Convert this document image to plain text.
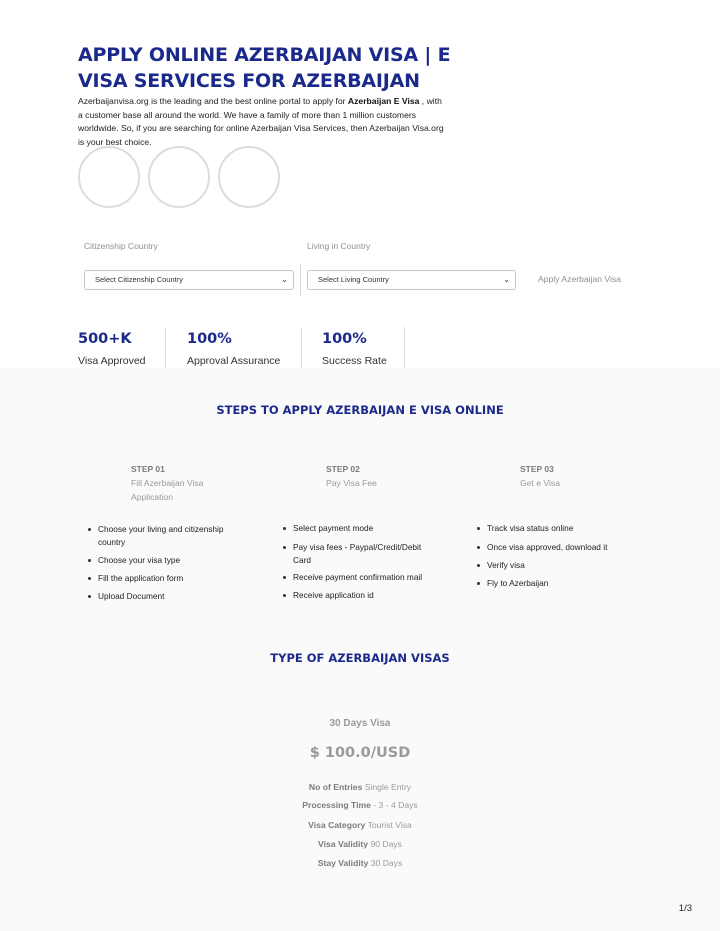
APPLY ONLINE AZERBAIJAN VISA | E
VISA SERVICES FOR AZERBAIJAN
Azerbaijanvisa.org is the leading and the best online portal to apply for Azerbaijan E Visa , with a customer base all around the world. We have a family of more than 1 million customers worldwide. So, if you are searching for online Azerbaijan Visa Services, then Azerbaijan Visa.org is your best choice.
Citizenship Country	Living in Country
Select Citizenship Country	⌄	Select Living Country	⌄	Apply Azerbaijan Visa
500+K
Visa Approved
100%
Approval Assurance
100%
Success Rate
STEPS TO APPLY AZERBAIJAN E VISA ONLINE
STEP 01
Fill Azerbaijan Visa Application
Choose your living and citizenship country
Choose your visa type
Fill the application form
Upload Document
STEP 02
Pay Visa Fee
Select payment mode
Pay visa fees - Paypal/Credit/Debit Card
Receive payment confirmation mail
Receive application id
STEP 03
Get e Visa
Track visa status online
Once visa approved, download it
Verify visa
Fly to Azerbaijan
TYPE OF AZERBAIJAN VISAS
30 Days Visa
$ 100.0/USD
No of Entries Single Entry
Processing Time - 3 - 4 Days
Visa Category Tourist Visa
Visa Validity 90 Days
Stay Validity 30 Days
1/3
